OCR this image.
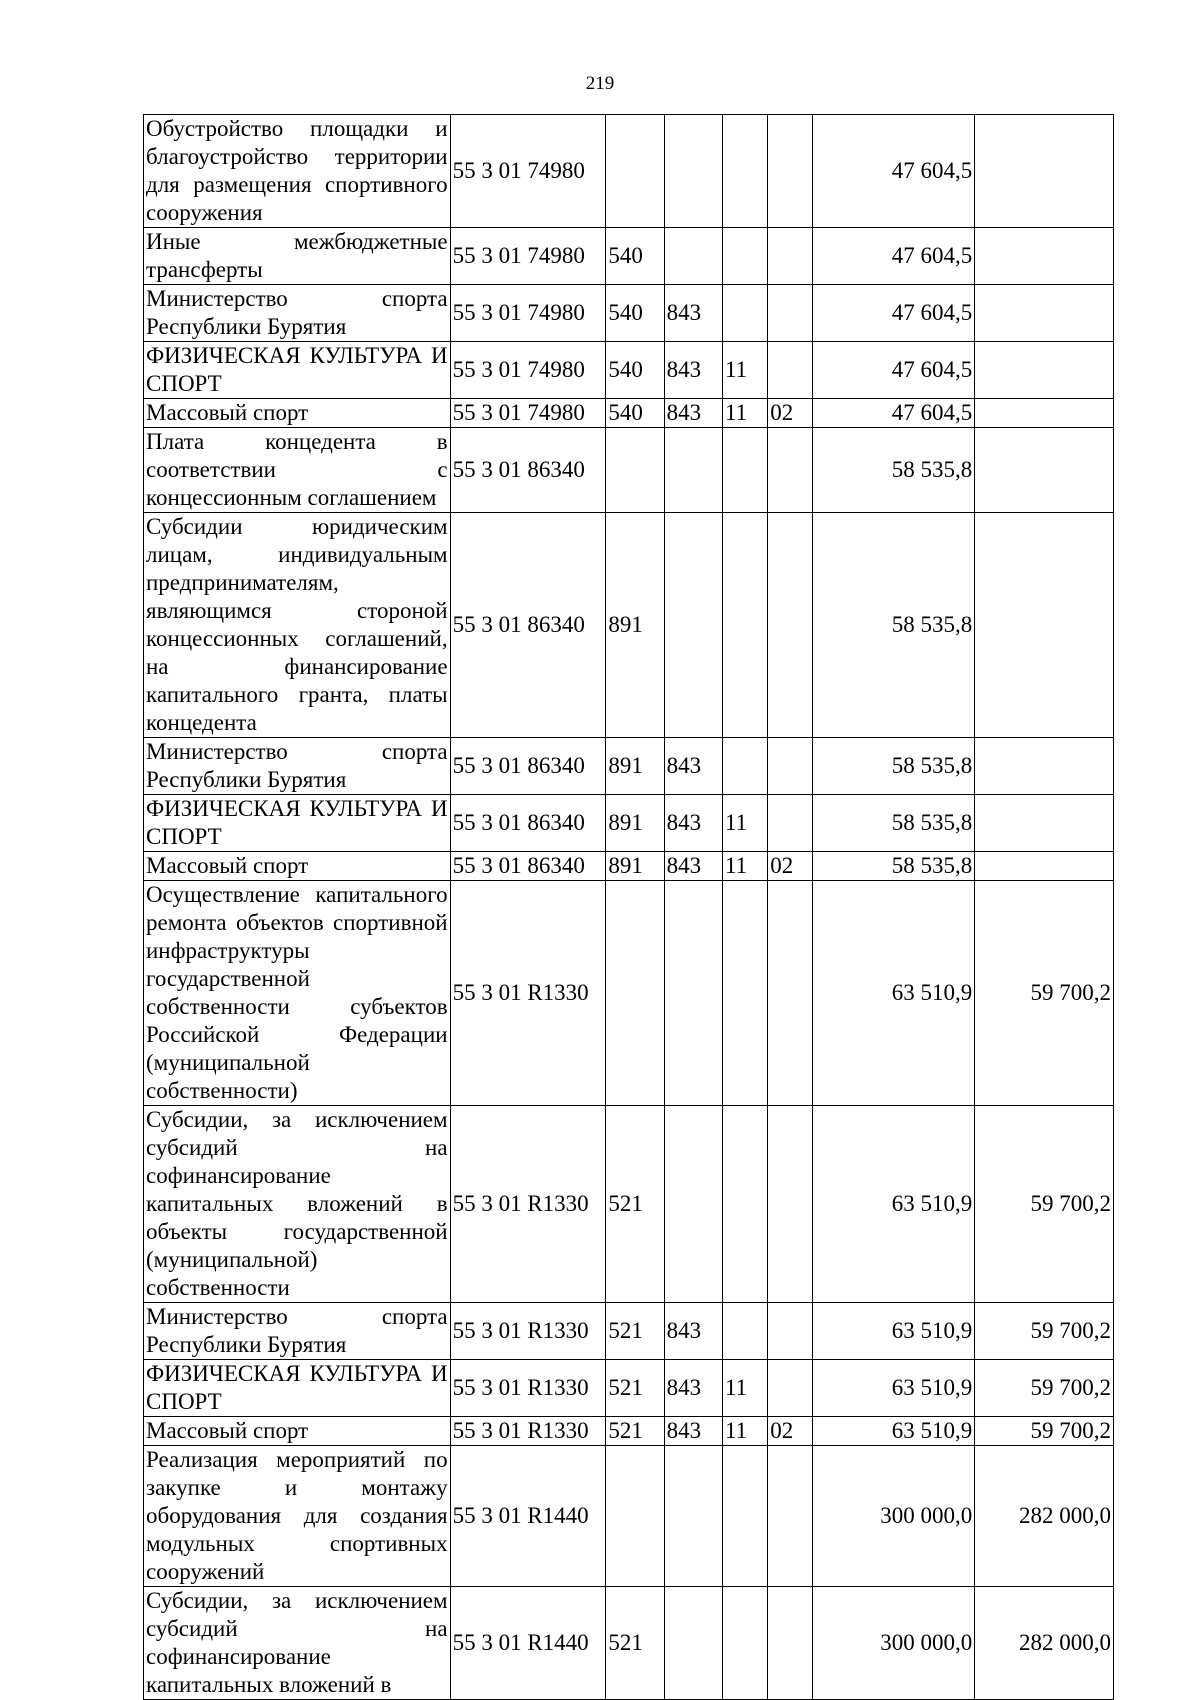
219
Обустройство площадки и благоустройство территории для размещения спортивного сооружения	55 3 01 74980					47 604,5	
Иные межбюджетные трансферты	55 3 01 74980	540				47 604,5	
Министерство спорта Республики Бурятия	55 3 01 74980	540	843			47 604,5	
ФИЗИЧЕСКАЯ КУЛЬТУРА И СПОРТ	55 3 01 74980	540	843	11		47 604,5	
Массовый спорт	55 3 01 74980	540	843	11	02	47 604,5	
Плата концедента в соответствии с концессионным соглашением	55 3 01 86340					58 535,8	
Субсидии юридическим лицам, индивидуальным предпринимателям, являющимся стороной концессионных соглашений, на финансирование капитального гранта, платы концедента	55 3 01 86340	891				58 535,8	
Министерство спорта Республики Бурятия	55 3 01 86340	891	843			58 535,8	
ФИЗИЧЕСКАЯ КУЛЬТУРА И СПОРТ	55 3 01 86340	891	843	11		58 535,8	
Массовый спорт	55 3 01 86340	891	843	11	02	58 535,8	
Осуществление капитального ремонта объектов спортивной инфраструктуры государственной собственности субъектов Российской Федерации (муниципальной собственности)	55 3 01 R1330					63 510,9	59 700,2
Субсидии, за исключением субсидий на софинансирование капитальных вложений в объекты государственной (муниципальной) собственности	55 3 01 R1330	521				63 510,9	59 700,2
Министерство спорта Республики Бурятия	55 3 01 R1330	521	843			63 510,9	59 700,2
ФИЗИЧЕСКАЯ КУЛЬТУРА И СПОРТ	55 3 01 R1330	521	843	11		63 510,9	59 700,2
Массовый спорт	55 3 01 R1330	521	843	11	02	63 510,9	59 700,2
Реализация мероприятий по закупке и монтажу оборудования для создания модульных спортивных сооружений	55 3 01 R1440					300 000,0	282 000,0
Субсидии, за исключением субсидий на софинансирование капитальных вложений в	55 3 01 R1440	521				300 000,0	282 000,0
